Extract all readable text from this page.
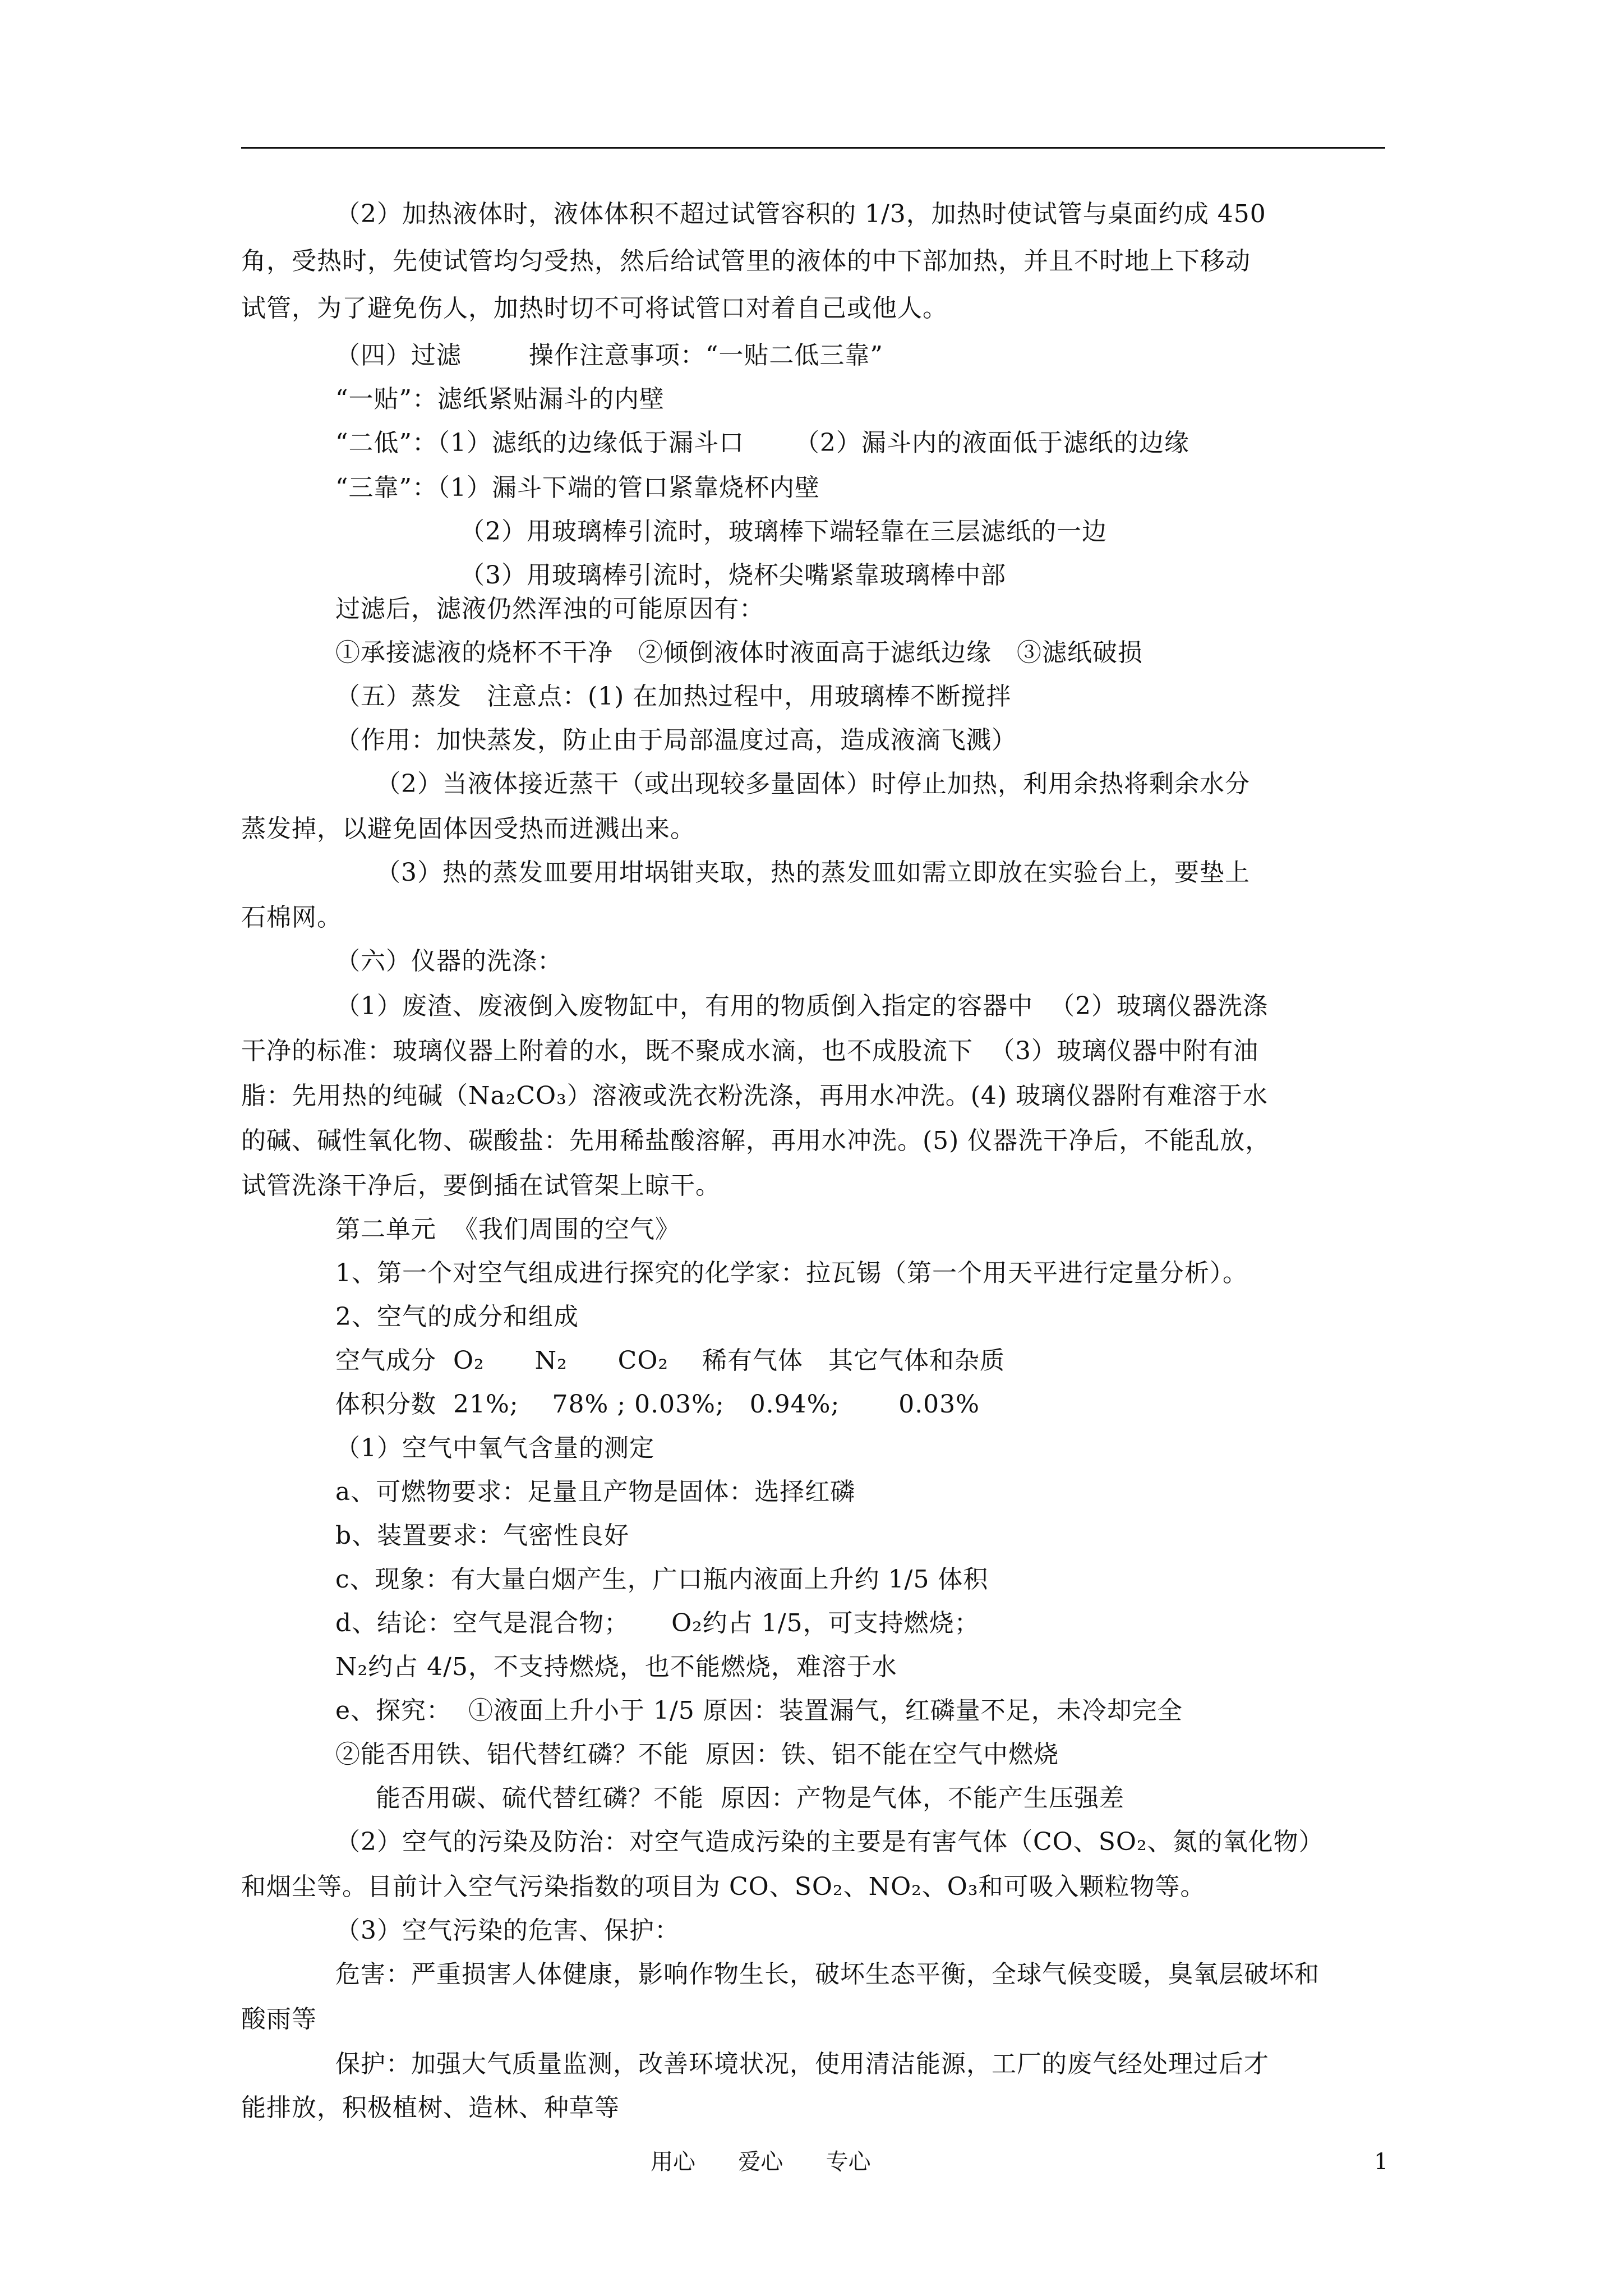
（2）加热液体时，液体体积不超过试管容积的 1/3，加热时使试管与桌面约成 450
角，受热时，先使试管均匀受热，然后给试管里的液体的中下部加热，并且不时地上下移动
试管，为了避免伤人，加热时切不可将试管口对着自己或他人。
（四）过滤        操作注意事项：“一贴二低三靠”
“一贴”：滤纸紧贴漏斗的内壁
“二低”：（1）滤纸的边缘低于漏斗口      （2）漏斗内的液面低于滤纸的边缘
“三靠”：（1）漏斗下端的管口紧靠烧杯内壁
（2）用玻璃棒引流时，玻璃棒下端轻靠在三层滤纸的一边
（3）用玻璃棒引流时，烧杯尖嘴紧靠玻璃棒中部
过滤后，滤液仍然浑浊的可能原因有：
①承接滤液的烧杯不干净   ②倾倒液体时液面高于滤纸边缘   ③滤纸破损
（五）蒸发   注意点：(1) 在加热过程中，用玻璃棒不断搅拌
（作用：加快蒸发，防止由于局部温度过高，造成液滴飞溅）
（2）当液体接近蒸干（或出现较多量固体）时停止加热，利用余热将剩余水分
蒸发掉，以避免固体因受热而迸溅出来。
（3）热的蒸发皿要用坩埚钳夹取，热的蒸发皿如需立即放在实验台上，要垫上
石棉网。
（六）仪器的洗涤：
（1）废渣、废液倒入废物缸中，有用的物质倒入指定的容器中  （2）玻璃仪器洗涤
干净的标准：玻璃仪器上附着的水，既不聚成水滴，也不成股流下  （3）玻璃仪器中附有油
脂：先用热的纯碱（Na₂CO₃）溶液或洗衣粉洗涤，再用水冲洗。(4) 玻璃仪器附有难溶于水
的碱、碱性氧化物、碳酸盐：先用稀盐酸溶解，再用水冲洗。(5) 仪器洗干净后，不能乱放，
试管洗涤干净后，要倒插在试管架上晾干。
第二单元  《我们周围的空气》
1、第一个对空气组成进行探究的化学家：拉瓦锡（第一个用天平进行定量分析）。
2、空气的成分和组成
空气成分  O₂      N₂      CO₂    稀有气体   其它气体和杂质
体积分数  21%;    78% ; 0.03%;   0.94%;       0.03%
（1）空气中氧气含量的测定
a、可燃物要求：足量且产物是固体：选择红磷
b、装置要求：气密性良好
c、现象：有大量白烟产生，广口瓶内液面上升约 1/5 体积
d、结论：空气是混合物；     O₂约占 1/5，可支持燃烧；
N₂约占 4/5，不支持燃烧，也不能燃烧，难溶于水
e、探究：  ①液面上升小于 1/5 原因：装置漏气，红磷量不足，未冷却完全
②能否用铁、铝代替红磷？不能  原因：铁、铝不能在空气中燃烧
能否用碳、硫代替红磷？不能  原因：产物是气体，不能产生压强差
（2）空气的污染及防治：对空气造成污染的主要是有害气体（CO、SO₂、氮的氧化物）
和烟尘等。目前计入空气污染指数的项目为 CO、SO₂、NO₂、O₃和可吸入颗粒物等。
（3）空气污染的危害、保护：
危害：严重损害人体健康，影响作物生长，破坏生态平衡，全球气候变暖，臭氧层破坏和
酸雨等
保护：加强大气质量监测，改善环境状况，使用清洁能源，工厂的废气经处理过后才
能排放，积极植树、造林、种草等
用心      爱心      专心	1
